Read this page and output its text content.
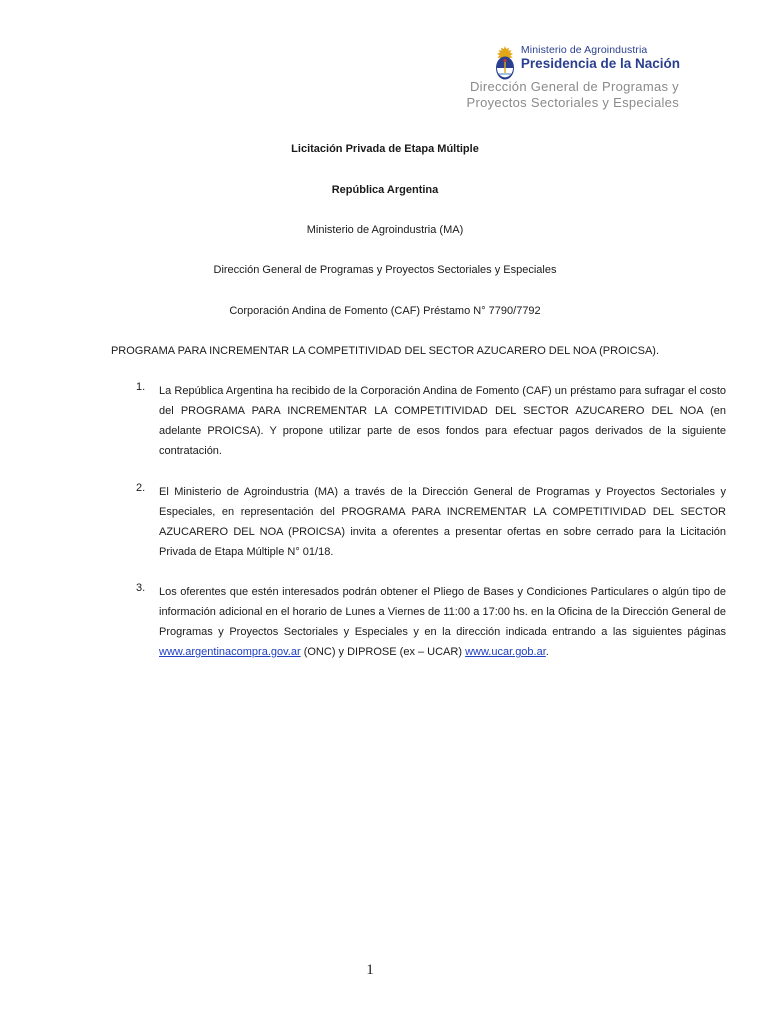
Ministerio de Agroindustria
Presidencia de la Nación
Dirección General de Programas y
Proyectos Sectoriales y Especiales
Licitación Privada de Etapa Múltiple
República Argentina
Ministerio de Agroindustria (MA)
Dirección General de Programas y Proyectos Sectoriales y Especiales
Corporación Andina de Fomento (CAF) Préstamo N° 7790/7792
PROGRAMA PARA INCREMENTAR LA COMPETITIVIDAD DEL SECTOR AZUCARERO DEL NOA (PROICSA).
1.	La República Argentina ha recibido de la Corporación Andina de Fomento (CAF) un préstamo para sufragar el costo del PROGRAMA PARA INCREMENTAR LA COMPETITIVIDAD DEL SECTOR AZUCARERO DEL NOA (en adelante PROICSA). Y propone utilizar parte de esos fondos para efectuar pagos derivados de la siguiente contratación.
2.	El Ministerio de Agroindustria (MA) a través de la Dirección General de Programas y Proyectos Sectoriales y Especiales, en representación del PROGRAMA PARA INCREMENTAR LA COMPETITIVIDAD DEL SECTOR AZUCARERO DEL NOA (PROICSA) invita a oferentes a presentar ofertas en sobre cerrado para la Licitación Privada de Etapa Múltiple N° 01/18.
3.	Los oferentes que estén interesados podrán obtener el Pliego de Bases y Condiciones Particulares o algún tipo de información adicional en el horario de Lunes a Viernes de 11:00 a 17:00 hs. en la Oficina de la Dirección General de Programas y Proyectos Sectoriales y Especiales y en la dirección indicada entrando a las siguientes páginas www.argentinacompra.gov.ar (ONC) y DIPROSE (ex – UCAR) www.ucar.gob.ar.
1
